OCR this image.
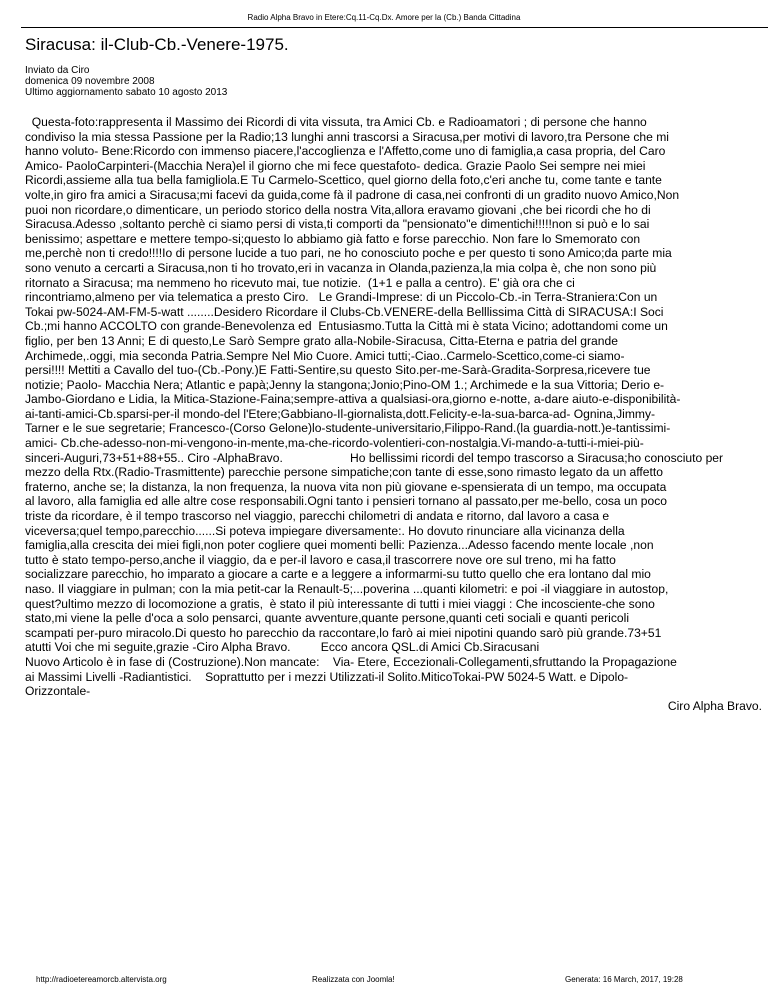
Radio Alpha Bravo in Etere:Cq.11-Cq.Dx. Amore per la (Cb.) Banda Cittadina
Siracusa: il-Club-Cb.-Venere-1975.
Inviato da Ciro
domenica 09 novembre 2008
Ultimo aggiornamento sabato 10 agosto 2013
Questa-foto:rappresenta il Massimo dei Ricordi di vita vissuta, tra Amici Cb. e Radioamatori ; di persone che hanno
condiviso la mia stessa Passione per la Radio;13 lunghi anni trascorsi a Siracusa,per motivi di lavoro,tra Persone che mi
hanno voluto- Bene:Ricordo con immenso piacere,l'accoglienza e l'Affetto,come uno di famiglia,a casa propria, del Caro
Amico- PaoloCarpinteri-(Macchia Nera)el il giorno che mi fece questafoto- dedica. Grazie Paolo Sei sempre nei miei
Ricordi,assieme alla tua bella famigliola.E Tu Carmelo-Scettico, quel giorno della foto,c'eri anche tu, come tante e tante
volte,in giro fra amici a Siracusa;mi facevi da guida,come fà il padrone di casa,nei confronti di un gradito nuovo Amico,Non
puoi non ricordare,o dimenticare, un periodo storico della nostra Vita,allora eravamo giovani ,che bei ricordi che ho di
Siracusa.Adesso ,soltanto perchè ci siamo persi di vista,ti comporti da "pensionato"e dimentichi!!!!!non si può e lo sai
benissimo; aspettare e mettere tempo-si;questo lo abbiamo già fatto e forse parecchio. Non fare lo Smemorato con
me,perchè non ti credo!!!!Io di persone lucide a tuo pari, ne ho conosciuto poche e per questo ti sono Amico;da parte mia
sono venuto a cercarti a Siracusa,non ti ho trovato,eri in vacanza in Olanda,pazienza,la mia colpa è, che non sono più
ritornato a Siracusa; ma nemmeno ho ricevuto mai, tue notizie.  (1+1 e palla a centro). E' già ora che ci
rincontriamo,almeno per via telematica a presto Ciro.   Le Grandi-Imprese: di un Piccolo-Cb.-in Terra-Straniera:Con un
Tokai pw-5024-AM-FM-5-watt ........Desidero Ricordare il Clubs-Cb.VENERE-della Belllissima Città di SIRACUSA:I Soci
Cb.;mi hanno ACCOLTO con grande-Benevolenza ed  Entusiasmo.Tutta la Città mi è stata Vicino; adottandomi come un
figlio, per ben 13 Anni; E di questo,Le Sarò Sempre grato alla-Nobile-Siracusa, Citta-Eterna e patria del grande
Archimede,.oggi, mia seconda Patria.Sempre Nel Mio Cuore. Amici tutti;-Ciao..Carmelo-Scettico,come-ci siamo-
persi!!!! Mettiti a Cavallo del tuo-(Cb.-Pony.)E Fatti-Sentire,su questo Sito.per-me-Sarà-Gradita-Sorpresa,ricevere tue
notizie; Paolo- Macchia Nera; Atlantic e papà;Jenny la stangona;Jonio;Pino-OM 1.; Archimede e la sua Vittoria; Derio e-
Jambo-Giordano e Lidia, la Mitica-Stazione-Faina;sempre-attiva a qualsiasi-ora,giorno e-notte, a-dare aiuto-e-disponibilità-
ai-tanti-amici-Cb.sparsi-per-il mondo-del l'Etere;Gabbiano-Il-giornalista,dott.Felicity-e-la-sua-barca-ad- Ognina,Jimmy-
Tarner e le sue segretarie; Francesco-(Corso Gelone)lo-studente-universitario,Filippo-Rand.(la guardia-nott.)e-tantissimi-
amici- Cb.che-adesso-non-mi-vengono-in-mente,ma-che-ricordo-volentieri-con-nostalgia.Vi-mando-a-tutti-i-miei-più-
sinceri-Auguri,73+51+88+55.. Ciro -AlphaBravo.                    Ho bellissimi ricordi del tempo trascorso a Siracusa;ho conosciuto per
mezzo della Rtx.(Radio-Trasmittente) parecchie persone simpatiche;con tante di esse,sono rimasto legato da un affetto
fraterno, anche se; la distanza, la non frequenza, la nuova vita non più giovane e-spensierata di un tempo, ma occupata
al lavoro, alla famiglia ed alle altre cose responsabili.Ogni tanto i pensieri tornano al passato,per me-bello, cosa un poco
triste da ricordare, è il tempo trascorso nel viaggio, parecchi chilometri di andata e ritorno, dal lavoro a casa e
viceversa;quel tempo,parecchio......Si poteva impiegare diversamente:. Ho dovuto rinunciare alla vicinanza della
famiglia,alla crescita dei miei figli,non poter cogliere quei momenti belli: Pazienza...Adesso facendo mente locale ,non
tutto è stato tempo-perso,anche il viaggio, da e per-il lavoro e casa,il trascorrere nove ore sul treno, mi ha fatto
socializzare parecchio, ho imparato a giocare a carte e a leggere a informarmi-su tutto quello che era lontano dal mio
naso. Il viaggiare in pulman; con la mia petit-car la Renault-5;...poverina ...quanti kilometri: e poi -il viaggiare in autostop,
quest?ultimo mezzo di locomozione a gratis,  è stato il più interessante di tutti i miei viaggi : Che incosciente-che sono
stato,mi viene la pelle d'oca a solo pensarci, quante avventure,quante persone,quanti ceti sociali e quanti pericoli
scampati per-puro miracolo.Di questo ho parecchio da raccontare,lo farò ai miei nipotini quando sarò più grande.73+51
atutti Voi che mi seguite,grazie -Ciro Alpha Bravo.         Ecco ancora QSL.di Amici Cb.Siracusani
Nuovo Articolo è in fase di (Costruzione).Non mancate:    Via- Etere, Eccezionali-Collegamenti,sfruttando la Propagazione
ai Massimi Livelli -Radiantistici.    Soprattutto per i mezzi Utilizzati-il Solito.MiticoTokai-PW 5024-5 Watt. e Dipolo-
Orizzontale-
Ciro Alpha Bravo.
http://radioetereamorcb.altervista.org	Realizzata con Joomla!	Generata: 16 March, 2017, 19:28
